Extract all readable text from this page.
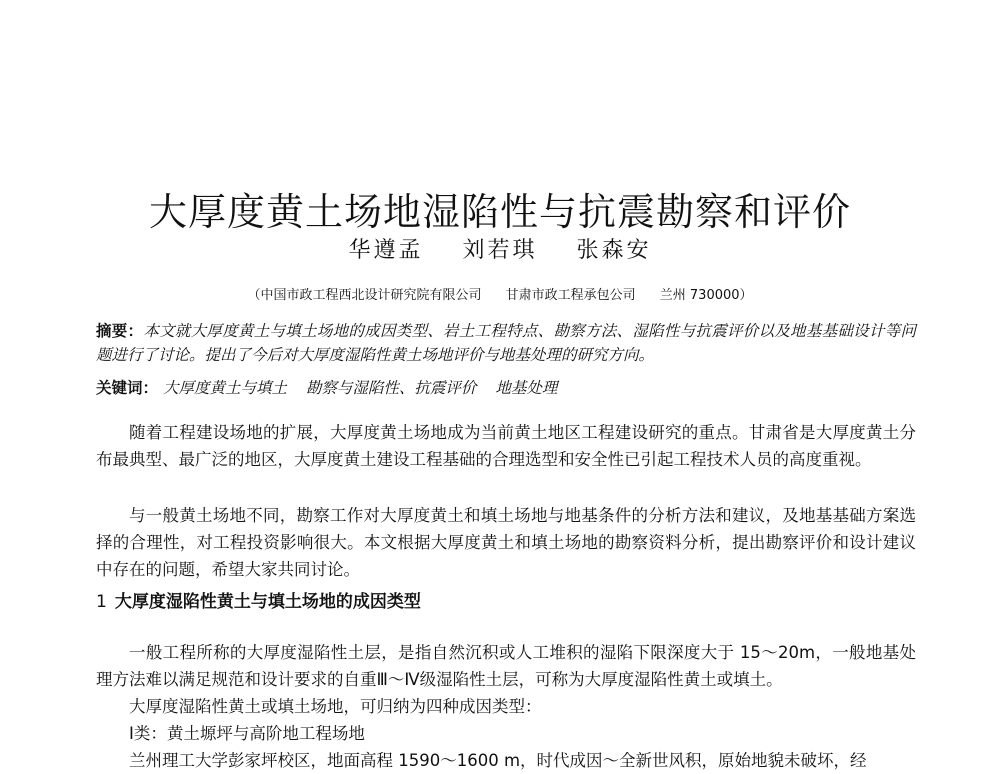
大厚度黄土场地湿陷性与抗震勘察和评价
华遵孟 刘若琪 张森安
（中国市政工程西北设计研究院有限公司 甘肃市政工程承包公司 兰州 730000）
摘要：本文就大厚度黄土与填土场地的成因类型、岩土工程特点、勘察方法、湿陷性与抗震评价以及地基基础设计等问题进行了讨论。提出了今后对大厚度湿陷性黄土场地评价与地基处理的研究方向。
关键词： 大厚度黄土与填土 勘察与湿陷性、抗震评价 地基处理

随着工程建设场地的扩展，大厚度黄土场地成为当前黄土地区工程建设研究的重点。甘肃省是大厚度黄土分布最典型、最广泛的地区，大厚度黄土建设工程基础的合理选型和安全性已引起工程技术人员的高度重视。

与一般黄土场地不同，勘察工作对大厚度黄土和填土场地与地基条件的分析方法和建议，及地基基础方案选择的合理性，对工程投资影响很大。本文根据大厚度黄土和填土场地的勘察资料分析，提出勘察评价和设计建议中存在的问题，希望大家共同讨论。

1 大厚度湿陷性黄土与填土场地的成因类型

一般工程所称的大厚度湿陷性土层，是指自然沉积或人工堆积的湿陷下限深度大于 15～20m，一般地基处理方法难以满足规范和设计要求的自重Ⅲ～Ⅳ级湿陷性土层，可称为大厚度湿陷性黄土或填土。

大厚度湿陷性黄土或填土场地，可归纳为四种成因类型：

Ⅰ类：黄土塬坪与高阶地工程场地

兰州理工大学彭家坪校区，地面高程 1590～1600 m，时代成因～全新世风积，原始地貌未破坏，经
